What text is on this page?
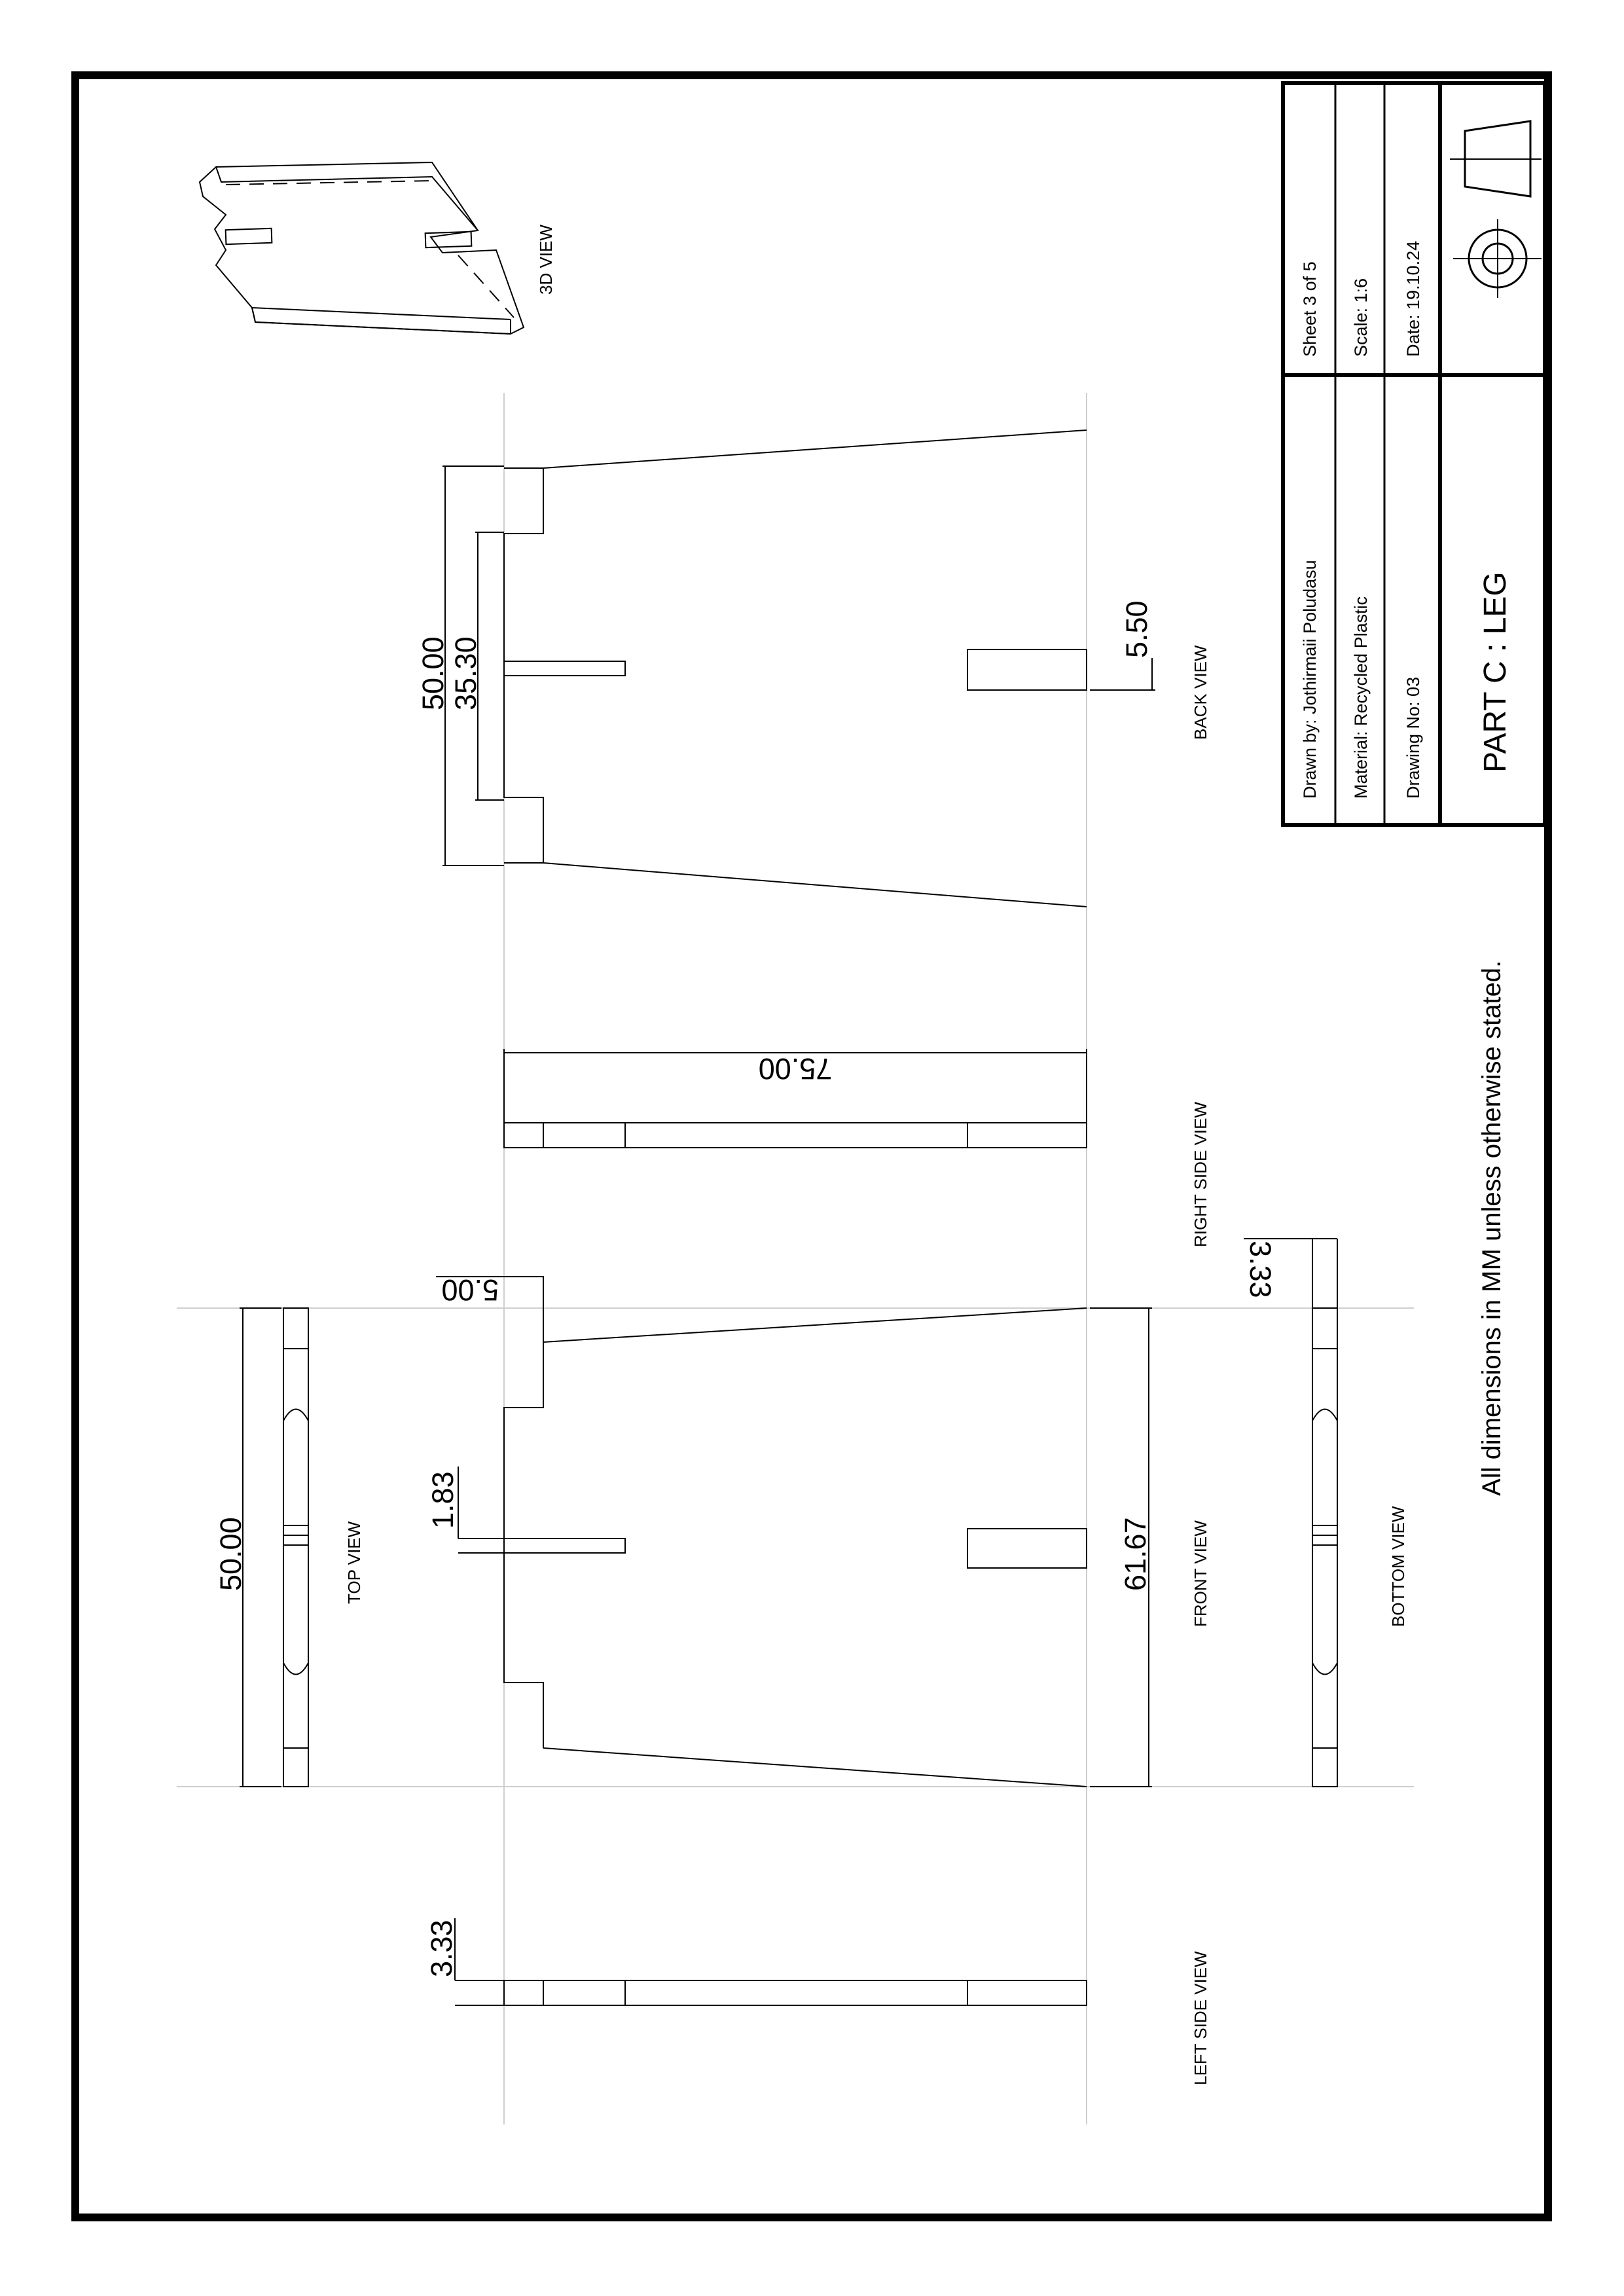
Drawn by: Jothirmaii Poludasu Material: Recycled Plastic Drawing No: 03
Sheet 3 of 5 Scale: 1:6 Date: 19.10.24
PART C : LEG
3D VIEW
50.00 35.30
5.50
BACK VIEW
75.00
RIGHT SIDE VIEW
5.00
1.83
61.67 FRONT VIEW
50.00	TOP VIEW
3.33
LEFT SIDE VIEW
3.33
BOTTOM VIEW
All dimensions in MM unless otherwise stated.
